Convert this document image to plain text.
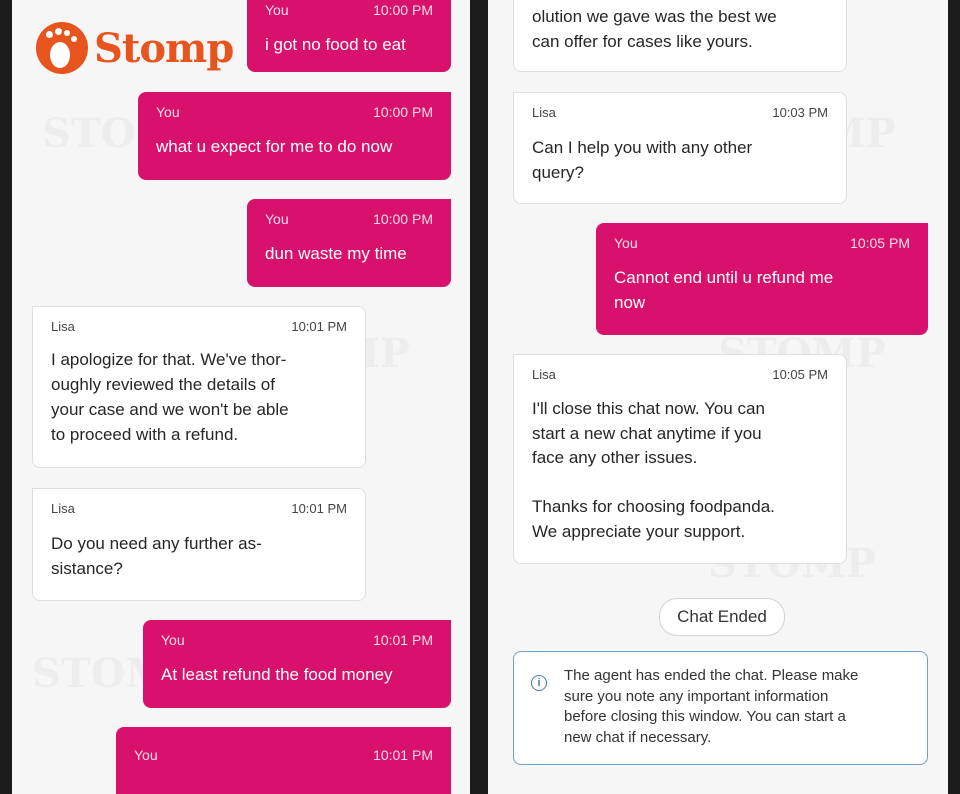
You	10:00 PM
i got no food to eat
You	10:00 PM
what u expect for me to do now
You	10:00 PM
dun waste my time
Lisa	10:01 PM
I apologize for that. We've thor-
oughly reviewed the details of
your case and we won't be able
to proceed with a refund.
Lisa	10:01 PM
Do you need any further as-
sistance?
You	10:01 PM
At least refund the food money
You	10:01 PM
Stomp
olution we gave was the best we
can offer for cases like yours.
Lisa	10:03 PM
Can I help you with any other
query?
You	10:05 PM
Cannot end until u refund me
now
Lisa	10:05 PM
I'll close this chat now. You can
start a new chat anytime if you
face any other issues.

Thanks for choosing foodpanda.
We appreciate your support.
Chat Ended
i	The agent has ended the chat. Please make
sure you note any important information
before closing this window. You can start a
new chat if necessary.
